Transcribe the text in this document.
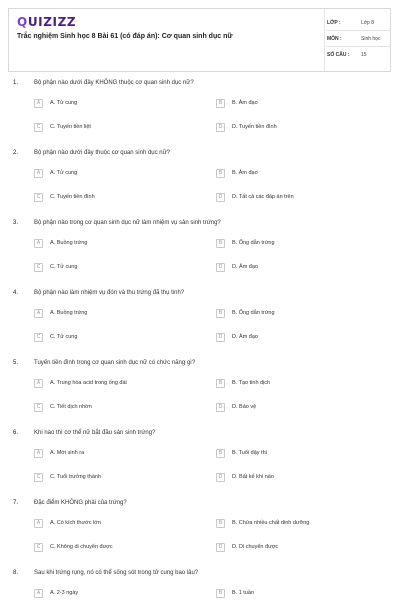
QUIZIZZ
Trắc nghiệm Sinh học 8 Bài 61 (có đáp án): Cơ quan sinh dục nữ
LỚP :	Lớp 8
MÔN :	Sinh học
SỐ CÂU :	15
1.	Bộ phận nào dưới đây KHÔNG thuộc cơ quan sinh dục nữ?
A	A. Tử cung	B	B. Âm đạo
C	C. Tuyến tiền liệt	D	D. Tuyến tiền đình
2.	Bộ phận nào dưới đây thuộc cơ quan sinh dục nữ?
A	A. Tử cung	B	B. Âm đạo
C	C. Tuyến tiền đình	D	D. Tất cả các đáp án trên
3.	Bộ phận nào trong cơ quan sinh dục nữ làm nhiệm vụ sản sinh trứng?
A	A. Buồng trứng	B	B. Ống dẫn trứng
C	C. Tử cung	D	D. Âm đạo
4.	Bộ phận nào làm nhiệm vụ đón và thu trứng đã thụ tinh?
A	A. Buồng trứng	B	B. Ống dẫn trứng
C	C. Tử cung	D	D. Âm đạo
5.	Tuyến tiền đình trong cơ quan sinh dục nữ có chức năng gì?
A	A. Trung hòa acid trong ống đái	B	B. Tạo tinh dịch
C	C. Tiết dịch nhờn	D	D. Bảo vệ
6.	Khi nào thì cơ thể nữ bắt đầu sản sinh trứng?
A	A. Mới sinh ra	B	B. Tuổi dậy thì
C	C. Tuổi trưởng thành	D	D. Bất kể khi nào
7.	Đặc điểm KHÔNG phải của trứng?
A	A. Có kích thước lớn	B	B. Chứa nhiều chất dinh dưỡng
C	C. Không di chuyển được	D	D. Di chuyển được
8.	Sau khi trứng rụng, nó có thể sống sót trong tử cung bao lâu?
A	A. 2-3 ngày	B	B. 1 tuần
